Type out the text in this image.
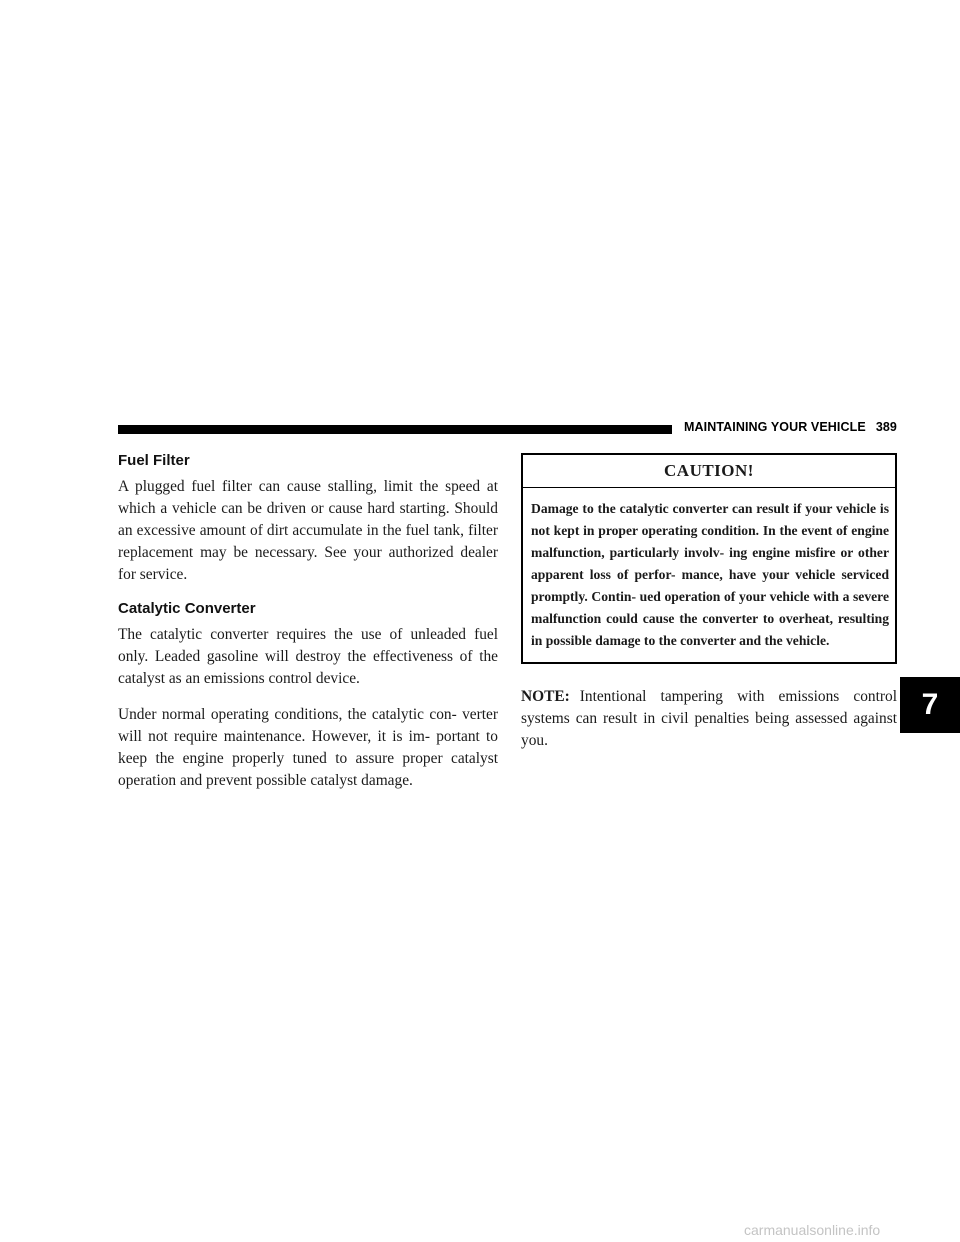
MAINTAINING YOUR VEHICLE 389
Fuel Filter

A plugged fuel filter can cause stalling, limit the speed at which a vehicle can be driven or cause hard starting. Should an excessive amount of dirt accumulate in the fuel tank, filter replacement may be necessary. See your authorized dealer for service.

Catalytic Converter

The catalytic converter requires the use of unleaded fuel only. Leaded gasoline will destroy the effectiveness of the catalyst as an emissions control device.

Under normal operating conditions, the catalytic con- verter will not require maintenance. However, it is im- portant to keep the engine properly tuned to assure proper catalyst operation and prevent possible catalyst damage.

CAUTION!

Damage to the catalytic converter can result if your vehicle is not kept in proper operating condition. In the event of engine malfunction, particularly involv- ing engine misfire or other apparent loss of perfor- mance, have your vehicle serviced promptly. Contin- ued operation of your vehicle with a severe malfunction could cause the converter to overheat, resulting in possible damage to the converter and the vehicle.

NOTE: Intentional tampering with emissions control systems can result in civil penalties being assessed against you.
7
carmanualsonline.info
